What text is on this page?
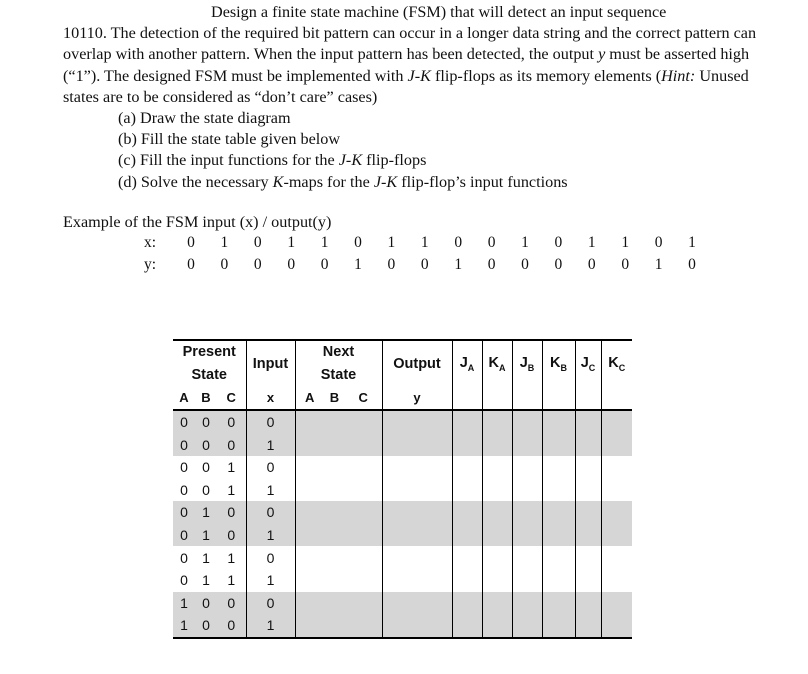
Design a finite state machine (FSM) that will detect an input sequence
10110. The detection of the required bit pattern can occur in a longer data string and the correct pattern can overlap with another pattern. When the input pattern has been detected, the output y must be asserted high (“1”). The designed FSM must be implemented with J-K flip-flops as its memory elements (Hint: Unused states are to be considered as “don’t care” cases)

(a) Draw the state diagram
(b) Fill the state table given below
(c) Fill the input functions for the J-K flip-flops
(d) Solve the necessary K-maps for the J-K flip-flop’s input functions
Example of the FSM input (x) / output(y)
x:	0 1 0 1 1 0 1 1 0 0 1 0 1 1 0 1
y:	0 0 0 0 0 1 0 0 1 0 0 0 0 0 1 0
Present			Input	Next			Output	$J_A$	$K_A$	$J_B$	$K_B$	$J_C$	$K_C$
State				State									
A	B	C	x	A	B	C	y						
0	0	0	0										
0	0	0	1										
0	0	1	0										
0	0	1	1										
0	1	0	0										
0	1	0	1										
0	1	1	0										
0	1	1	1										
1	0	0	0										
1	0	0	1										
